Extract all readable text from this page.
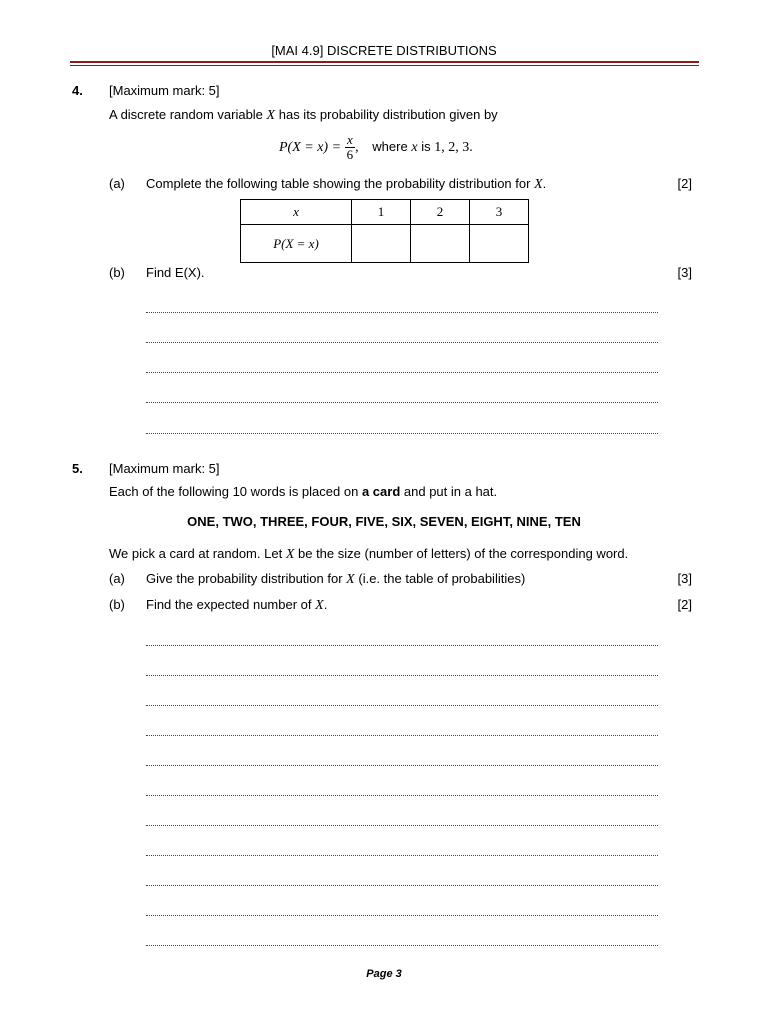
[MAI 4.9] DISCRETE DISTRIBUTIONS
4. [Maximum mark: 5]
A discrete random variable X has its probability distribution given by
$P(X = x) = \frac{x}{6}$ , where x is 1, 2, 3.
(a) Complete the following table showing the probability distribution for X.	[2]
x	1	2	3
P(X = x)			
(b) Find E(X).	[3]
5. [Maximum mark: 5]
Each of the following 10 words is placed on a card and put in a hat.
ONE, TWO, THREE, FOUR, FIVE, SIX, SEVEN, EIGHT, NINE, TEN
We pick a card at random. Let X be the size (number of letters) of the corresponding word.
(a) Give the probability distribution for X (i.e. the table of probabilities)	[3]
(b) Find the expected number of X.	[2]
Page 3
